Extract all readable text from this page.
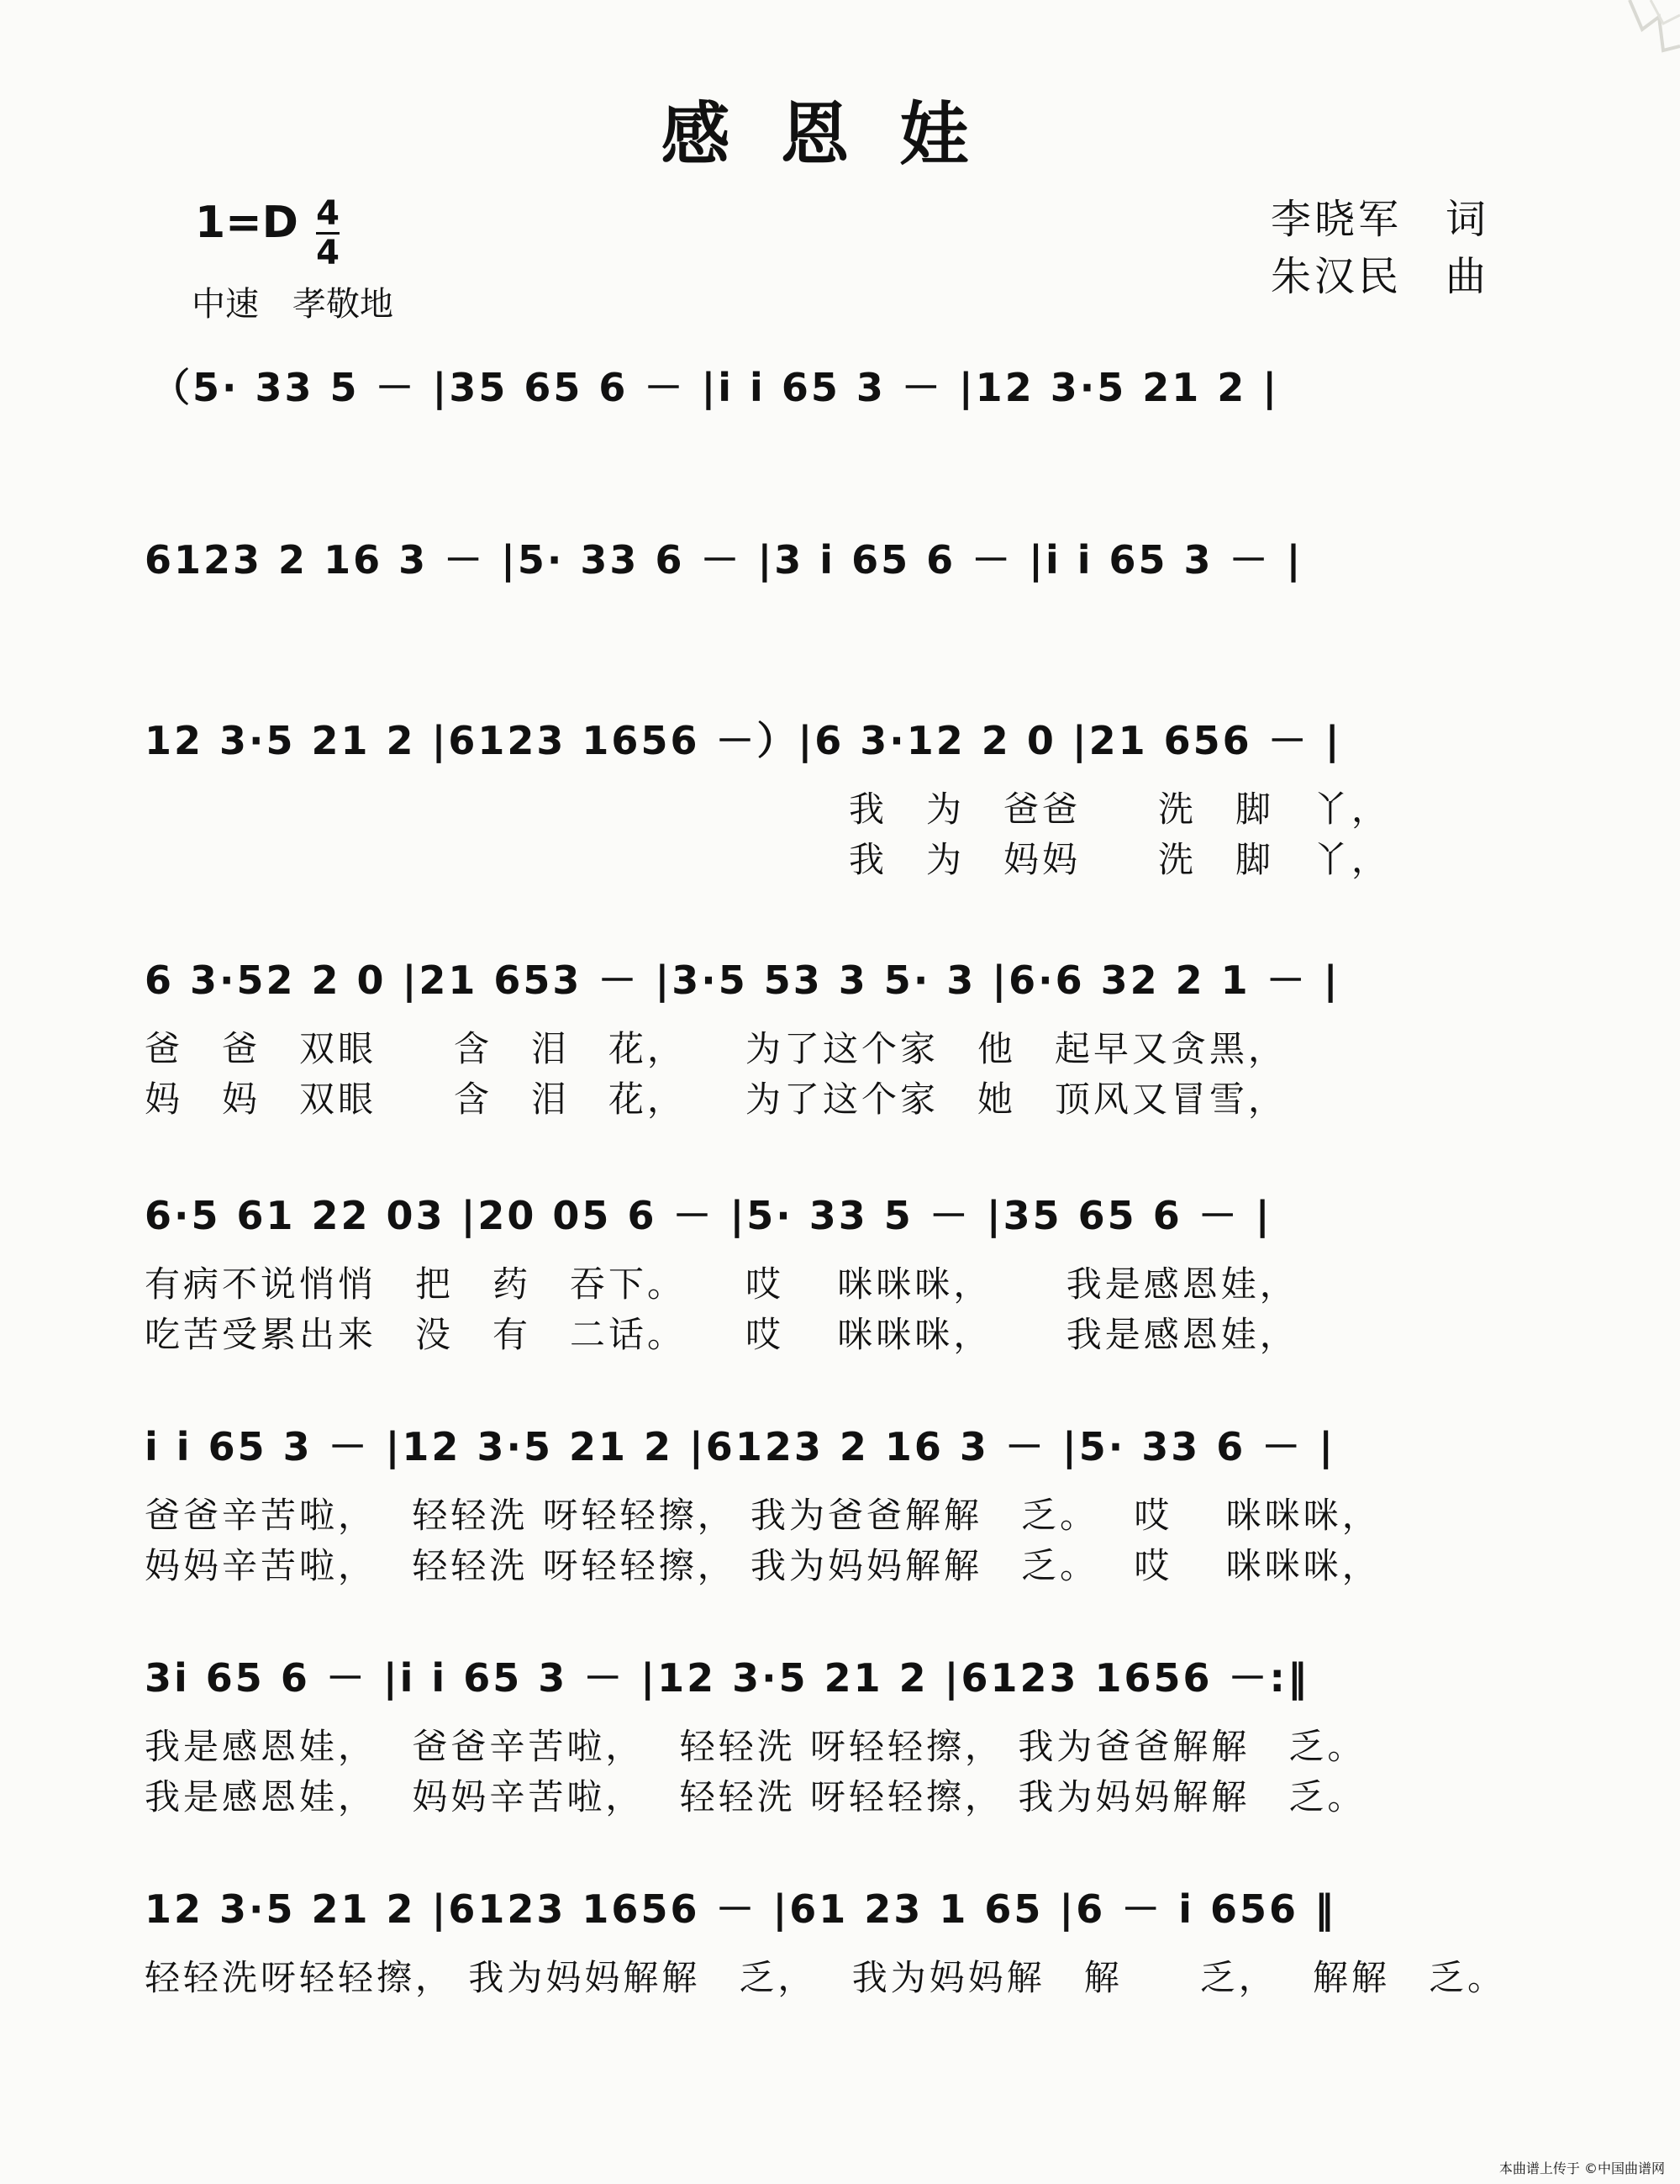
感恩娃
1=D 4
4
中速　孝敬地
李晓军　词
朱汉民　曲
（5· 33 5 － |35 65 6 － |i i 65 3 － |12 3·5 21 2 |
6123 2 16 3 － |5· 33 6 － |3 i 65 6 － |i i 65 3 － |
12 3·5 21 2 |6123 1656 －）|6 3·12 2 0 |21 656 － |
我　为　爸爸　　洗　脚　丫，
我　为　妈妈　　洗　脚　丫，
6 3·52 2 0 |21 653 － |3·5 53 3 5· 3 |6·6 32 2 1 － |
爸　爸　双眼　　含　泪　花，　　为了这个家　他　起早又贪黑，
妈　妈　双眼　　含　泪　花，　　为了这个家　她　顶风又冒雪，
6·5 61 22 03 |20 05 6 － |5· 33 5 － |35 65 6 － |
有病不说悄悄　把　药　吞下。　　哎　 咪咪咪，　　 我是感恩娃，
吃苦受累出来　没　有　二话。　　哎　 咪咪咪，　　 我是感恩娃，
i i 65 3 － |12 3·5 21 2 |6123 2 16 3 － |5· 33 6 － |
爸爸辛苦啦，　 轻轻洗 呀轻轻擦， 我为爸爸解解　乏。　 哎　 咪咪咪，
妈妈辛苦啦，　 轻轻洗 呀轻轻擦， 我为妈妈解解　乏。　 哎　 咪咪咪，
3i 65 6 － |i i 65 3 － |12 3·5 21 2 |6123 1656 －:‖
我是感恩娃，　 爸爸辛苦啦，　 轻轻洗 呀轻轻擦， 我为爸爸解解　乏。
我是感恩娃，　 妈妈辛苦啦，　 轻轻洗 呀轻轻擦， 我为妈妈解解　乏。
12 3·5 21 2 |6123 1656 － |61 23 1 65 |6 － i 656 ‖
轻轻洗呀轻轻擦， 我为妈妈解解　乏，　 我为妈妈解　解　　乏，　 解解　乏。
本曲谱上传于 ©中国曲谱网
